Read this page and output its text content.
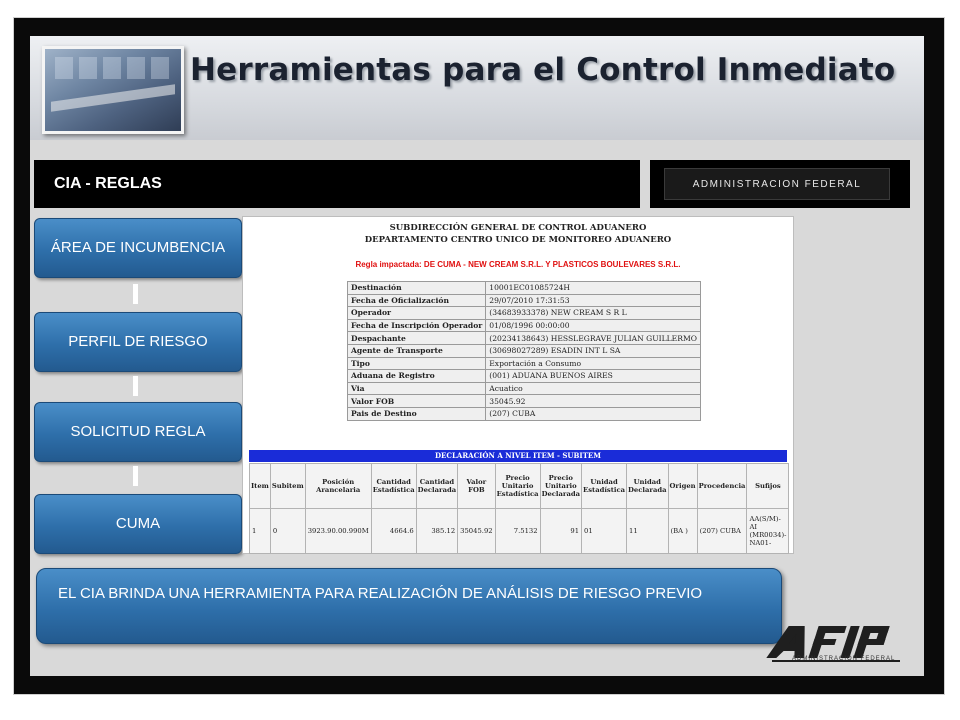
Herramientas para el Control Inmediato
CIA - REGLAS	ADMINISTRACION FEDERAL
ÁREA DE INCUMBENCIA
PERFIL DE RIESGO
SOLICITUD REGLA
CUMA
SUBDIRECCIÓN GENERAL DE CONTROL ADUANERO
DEPARTAMENTO CENTRO UNICO DE MONITOREO ADUANERO
Regla impactada: DE CUMA - NEW CREAM S.R.L. Y PLASTICOS BOULEVARES S.R.L.
Destinación	10001EC01085724H
Fecha de Oficialización	29/07/2010 17:31:53
Operador	(34683933378) NEW CREAM S R L
Fecha de Inscripción Operador	01/08/1996 00:00:00
Despachante	(20234138643) HESSLEGRAVE JULIAN GUILLERMO
Agente de Transporte	(30698027289) ESADIN INT L SA
Tipo	Exportación a Consumo
Aduana de Registro	(001) ADUANA BUENOS AIRES
Via	Acuatico
Valor FOB	35045.92
Pais de Destino	(207) CUBA
DECLARACIÓN A NIVEL ITEM - SUBITEM
Item	Subitem	Posición Arancelaria	Cantidad Estadística	Cantidad Declarada	Valor FOB	Precio Unitario Estadística	Precio Unitario Declarada	Unidad Estadística	Unidad Declarada	Origen	Procedencia	Sufijos
1	0	3923.90.00.990M	4664.6	385.12	35045.92	7.5132	91	01	11	(BA )	(207) CUBA	AA(S/M)-AI (MR0034)-NA01-
EL CIA BRINDA UNA HERRAMIENTA PARA REALIZACIÓN DE ANÁLISIS DE RIESGO PREVIO
ADMINISTRACION FEDERAL
